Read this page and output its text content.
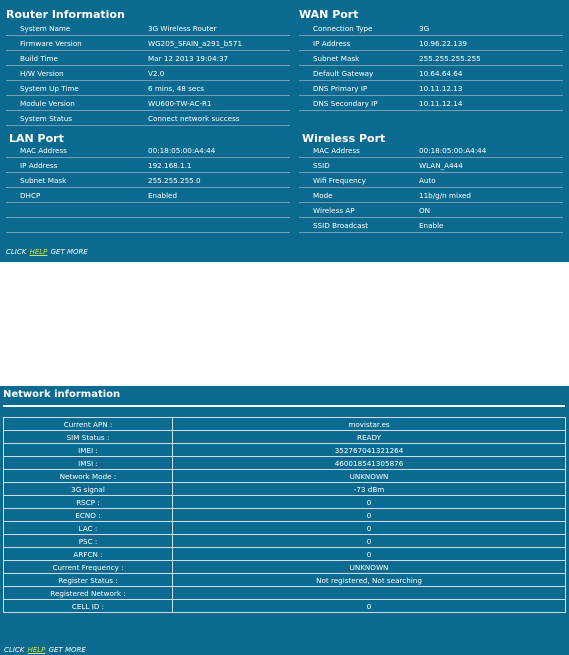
Router Information
System Name	3G Wireless Router
Firmware Version	WG205_SFAIN_a291_b571
Build Time	Mar 12 2013 19:04:37
H/W Version	V2.0
System Up Time	6 mins, 48 secs
Module Version	WU600-TW-AC-R1
System Status	Connect network success
WAN Port
Connection Type	3G
IP Address	10.96.22.139
Subnet Mask	255.255.255.255
Default Gateway	10.64.64.64
DNS Primary IP	10.11.12.13
DNS Secondary IP	10.11.12.14
LAN Port
MAC Address	00:18:05:00:A4:44
IP Address	192.168.1.1
Subnet Mask	255.255.255.0
DHCP	Enabled
Wireless Port
MAC Address	00:18:05:00:A4:44
SSID	WLAN_A444
Wifi Frequency	Auto
Mode	11b/g/n mixed
Wireless AP	ON
SSID Broadcast	Enable
CLICK HELP GET MORE
Network information
Current APN :	movistar.es
SIM Status :	READY
IMEI :	352767041321264
IMSI :	460018541305876
Network Mode :	UNKNOWN
3G signal	-73 dBm
RSCP :	0
ECNO :	0
LAC :	0
PSC :	0
ARFCN :	0
Current Frequency :	UNKNOWN
Register Status :	Not registered, Not searching
Registered Network :	
CELL ID :	0
CLICK HELP GET MORE
